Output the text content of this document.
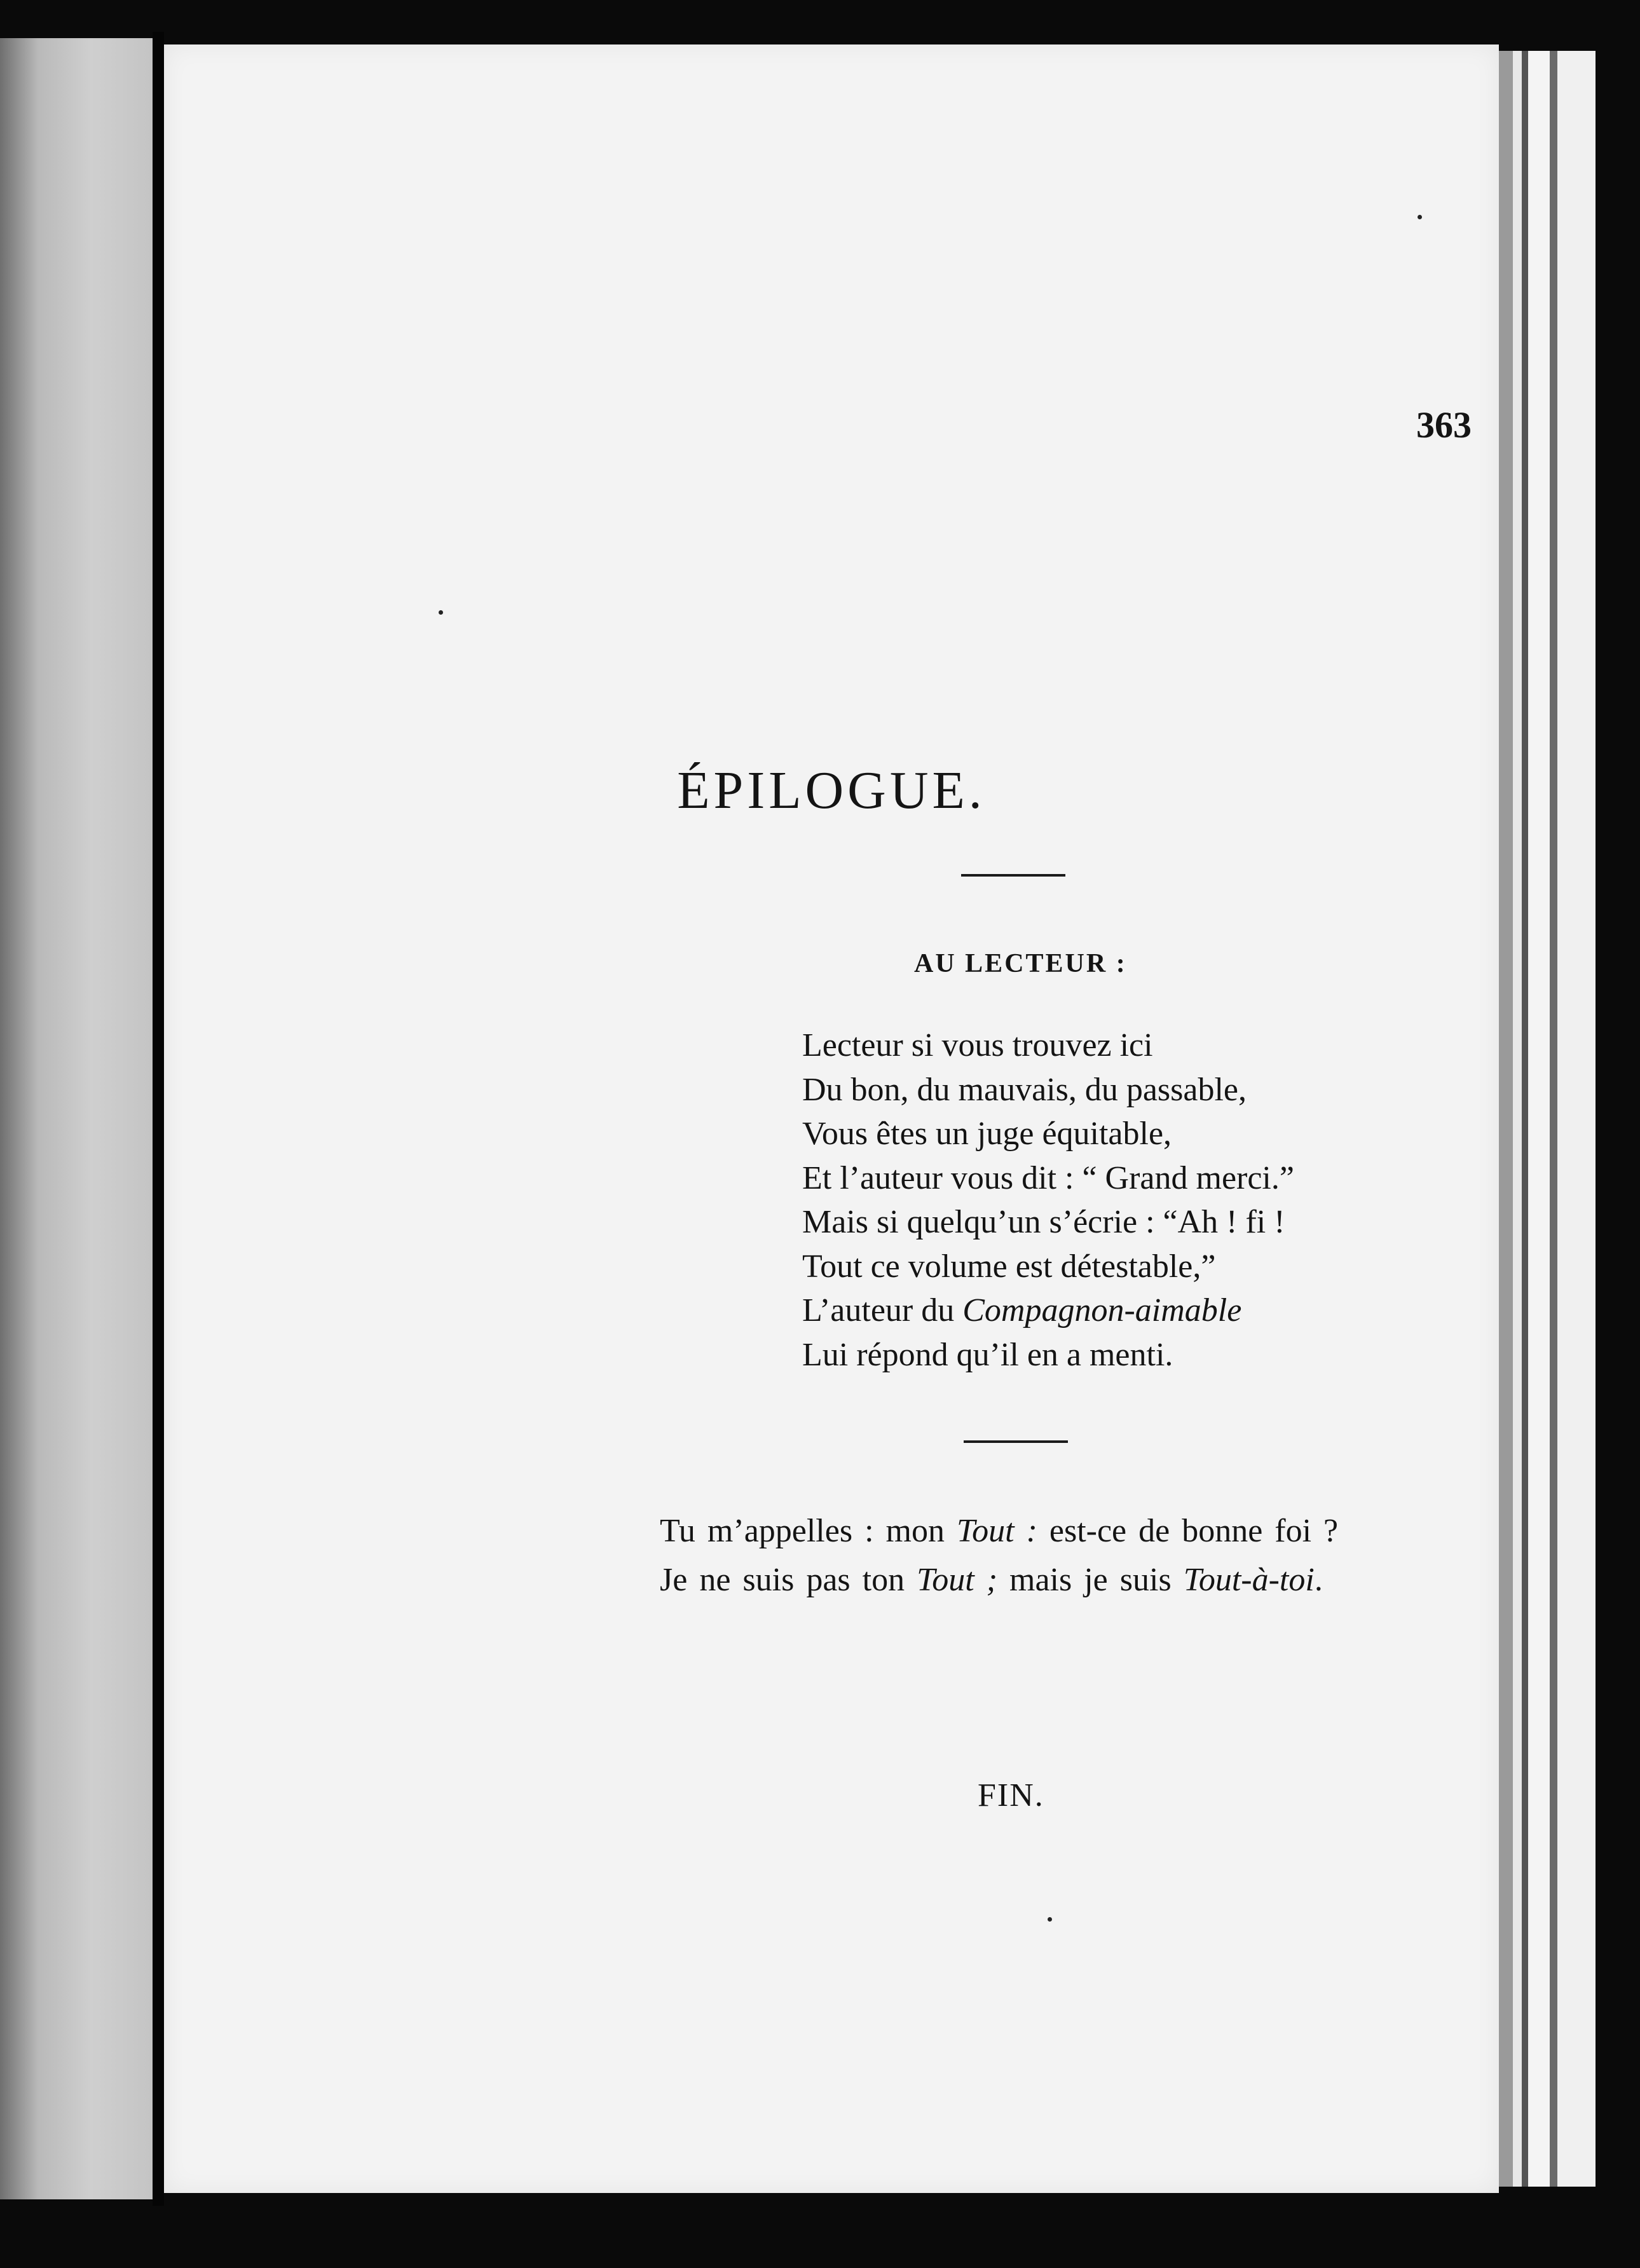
363
ÉPILOGUE.
AU LECTEUR :
Lecteur si vous trouvez ici
Du bon, du mauvais, du passable,
Vous êtes un juge équitable,
Et l’auteur vous dit : “ Grand merci.”
Mais si quelqu’un s’écrie : “Ah ! fi !
Tout ce volume est détestable,”
L’auteur du Compagnon-aimable
Lui répond qu’il en a menti.
Tu m’appelles : mon Tout : est-ce de bonne foi ?
Je ne suis pas ton Tout ; mais je suis Tout-à-toi.
FIN.
